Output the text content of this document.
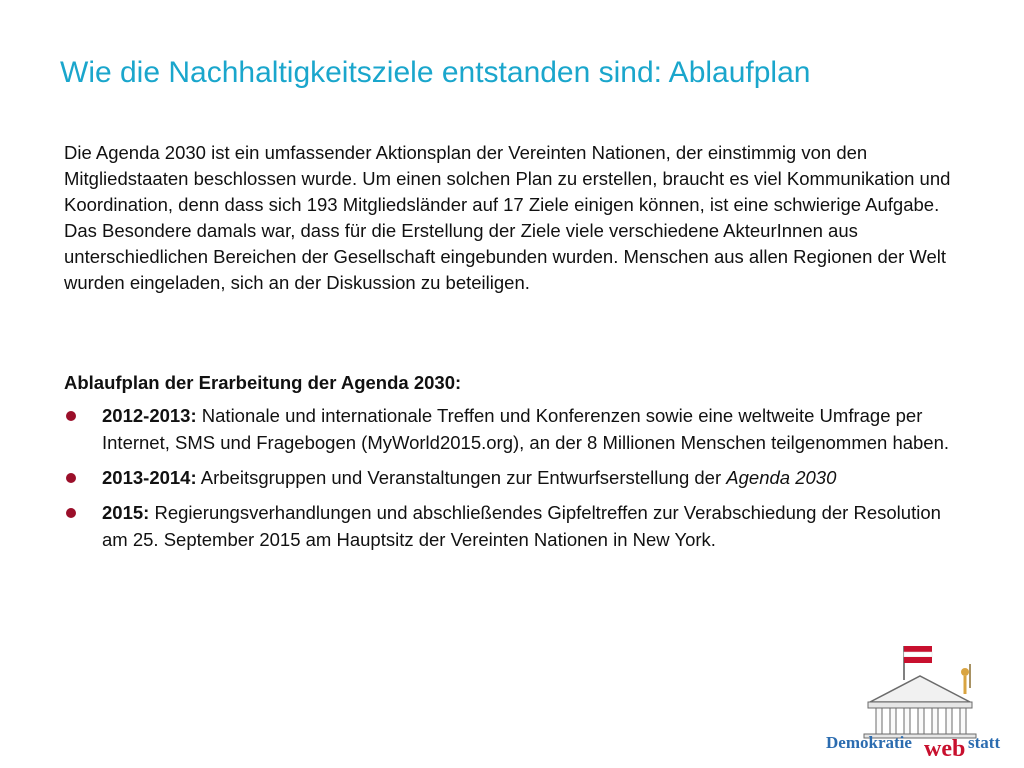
Wie die Nachhaltigkeitsziele entstanden sind: Ablaufplan

Die Agenda 2030 ist ein umfassender Aktionsplan der Vereinten Nationen, der einstimmig von den Mitgliedstaaten beschlossen wurde. Um einen solchen Plan zu erstellen, braucht es viel Kommunikation und Koordination, denn dass sich 193 Mitgliedsländer auf 17 Ziele einigen können, ist eine schwierige Aufgabe. Das Besondere damals war, dass für die Erstellung der Ziele viele verschiedene AkteurInnen aus unterschiedlichen Bereichen der Gesellschaft eingebunden wurden. Menschen aus allen Regionen der Welt wurden eingeladen, sich an der Diskussion zu beteiligen.

Ablaufplan der Erarbeitung der Agenda 2030:

2012-2013: Nationale und internationale Treffen und Konferenzen sowie eine weltweite Umfrage per Internet, SMS und Fragebogen (MyWorld2015.org), an der 8 Millionen Menschen teilgenommen haben.
2013-2014: Arbeitsgruppen und Veranstaltungen zur Entwurfserstellung der Agenda 2030
2015: Regierungsverhandlungen und abschließendes Gipfeltreffen zur Verabschiedung der Resolution am 25. September 2015 am Hauptsitz der Vereinten Nationen in New York.
Demokratie web statt
